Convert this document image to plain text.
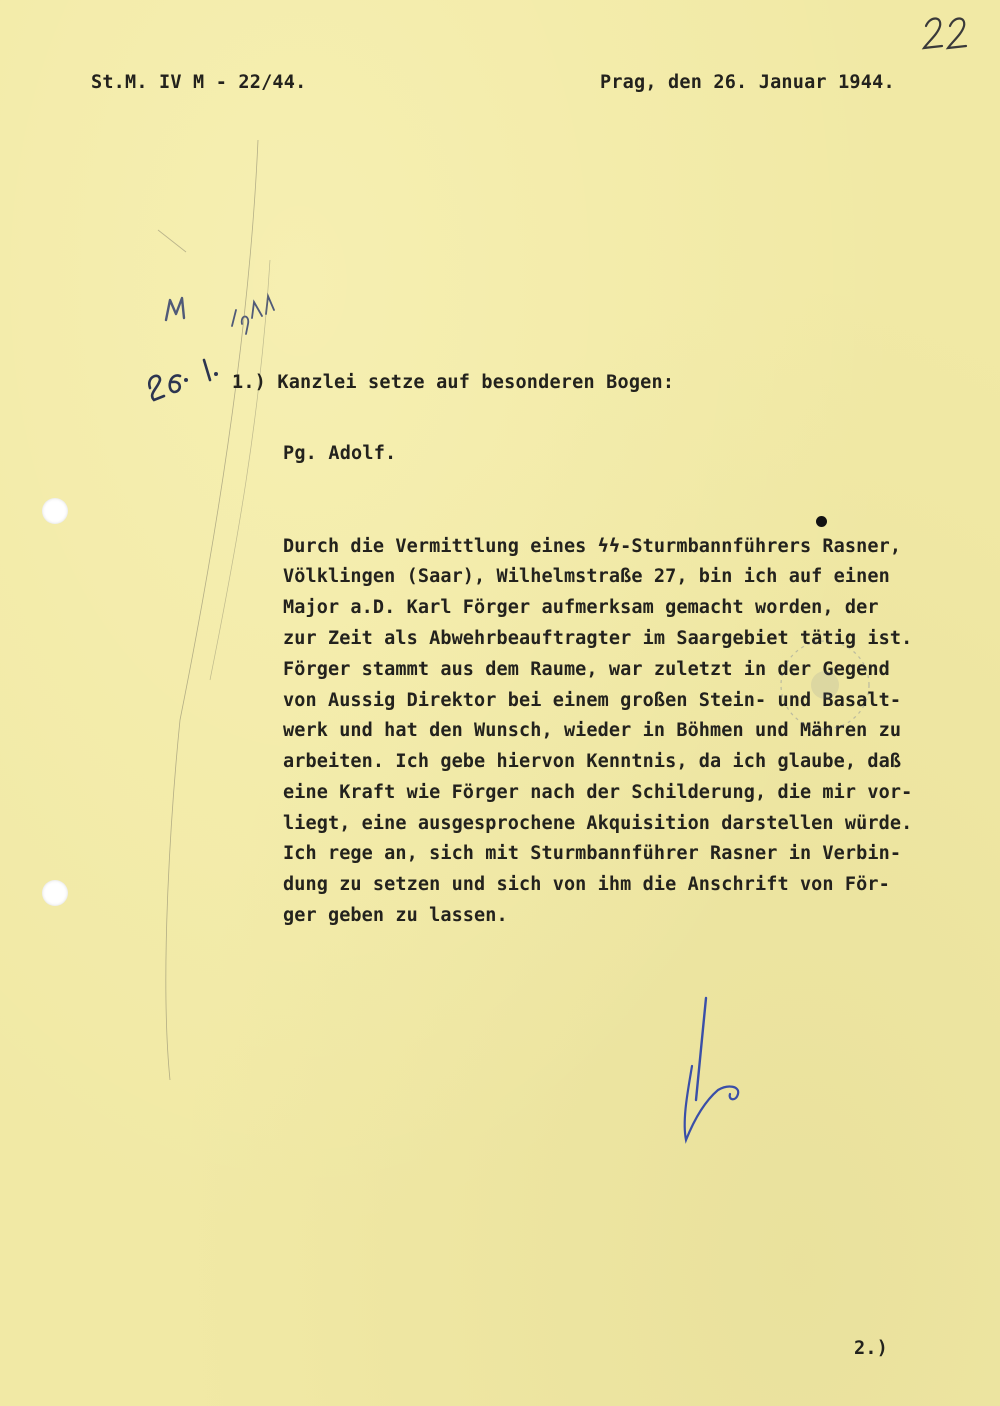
St.M. IV M - 22/44.	Prag, den 26. Januar 1944.
1.) Kanzlei setze auf besonderen Bogen:
Pg. Adolf.
Durch die Vermittlung eines ϟϟ-Sturmbannführers Rasner,
Völklingen (Saar), Wilhelmstraße 27, bin ich auf einen
Major a.D. Karl Förger aufmerksam gemacht worden, der
zur Zeit als Abwehrbeauftragter im Saargebiet tätig ist.
Förger stammt aus dem Raume, war zuletzt in der Gegend
von Aussig Direktor bei einem großen Stein- und Basalt-
werk und hat den Wunsch, wieder in Böhmen und Mähren zu
arbeiten. Ich gebe hiervon Kenntnis, da ich glaube, daß
eine Kraft wie Förger nach der Schilderung, die mir vor-
liegt, eine ausgesprochene Akquisition darstellen würde.
Ich rege an, sich mit Sturmbannführer Rasner in Verbin-
dung zu setzen und sich von ihm die Anschrift von För-
ger geben zu lassen.
2.)
